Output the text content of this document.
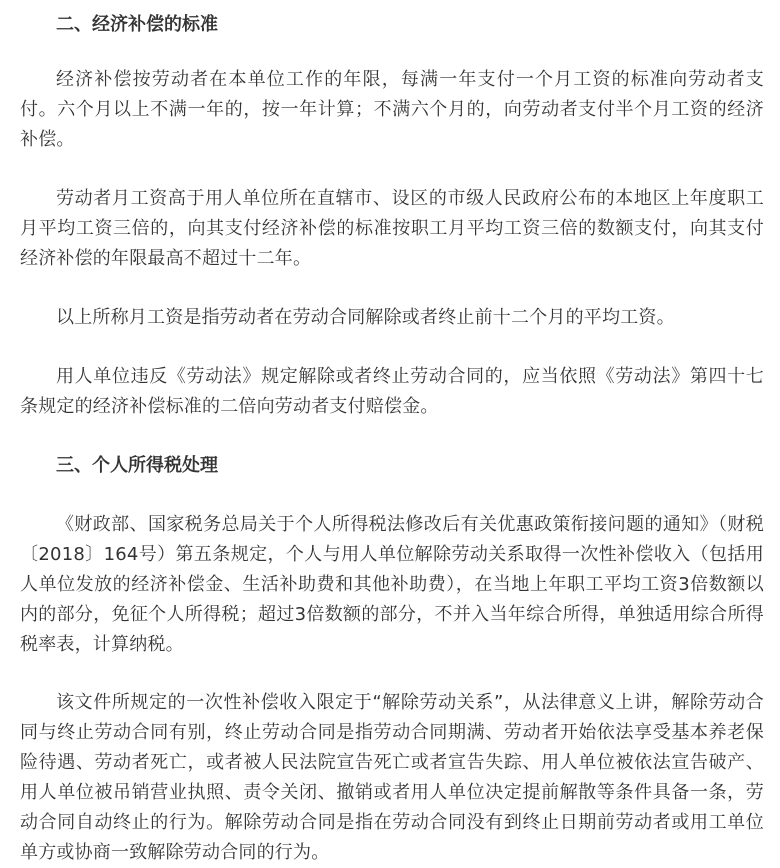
二、经济补偿的标准

经济补偿按劳动者在本单位工作的年限，每满一年支付一个月工资的标准向劳动者支付。六个月以上不满一年的，按一年计算；不满六个月的，向劳动者支付半个月工资的经济补偿。

劳动者月工资高于用人单位所在直辖市、设区的市级人民政府公布的本地区上年度职工月平均工资三倍的，向其支付经济补偿的标准按职工月平均工资三倍的数额支付，向其支付经济补偿的年限最高不超过十二年。

以上所称月工资是指劳动者在劳动合同解除或者终止前十二个月的平均工资。

用人单位违反《劳动法》规定解除或者终止劳动合同的，应当依照《劳动法》第四十七条规定的经济补偿标准的二倍向劳动者支付赔偿金。

三、个人所得税处理

《财政部、国家税务总局关于个人所得税法修改后有关优惠政策衔接问题的通知》（财税〔2018〕164号）第五条规定，个人与用人单位解除劳动关系取得一次性补偿收入（包括用人单位发放的经济补偿金、生活补助费和其他补助费），在当地上年职工平均工资3倍数额以内的部分，免征个人所得税；超过3倍数额的部分，不并入当年综合所得，单独适用综合所得税率表，计算纳税。

该文件所规定的一次性补偿收入限定于“解除劳动关系”，从法律意义上讲，解除劳动合同与终止劳动合同有别，终止劳动合同是指劳动合同期满、劳动者开始依法享受基本养老保险待遇、劳动者死亡，或者被人民法院宣告死亡或者宣告失踪、用人单位被依法宣告破产、用人单位被吊销营业执照、责令关闭、撤销或者用人单位决定提前解散等条件具备一条，劳动合同自动终止的行为。解除劳动合同是指在劳动合同没有到终止日期前劳动者或用工单位单方或协商一致解除劳动合同的行为。
